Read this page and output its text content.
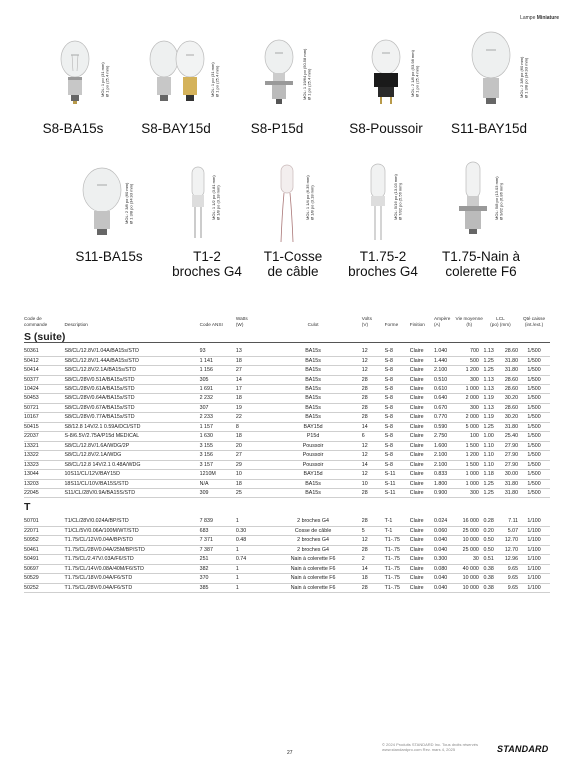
Lampe Miniature
MOL: 1 po (31 mm)
Ø 1 po (25.4 mm)
S8-BA15s
MOL: 1 po (31 mm)
Ø 1 po (25.4 mm)
S8-BAY15d
MOL: 1 19/64 po (50.58 mm)
Ø 1 po (25.4 mm)
S8-P15d
MOL: 2 1/8 po (53.98 mm)
Ø 1 po (25.4 mm)
S8-Poussoir
MOL: 2 3/8 po (60 mm)
Ø 1 3/8 po (34.93 mm)
S11-BAY15d
MOL: 2 3/8 po (60 mm)
Ø 1 3/8 po (34.93 mm)
S11-BA15s
MOL: 1 1/2 po (3.81 mm)
Ø 1/8 po (3.18 mm)
T1-2
broches G4
MOL: 1 1/4 po (6.35 mm)
Ø 1/8 po (3.18 mm)
T1-Cosse
de câble
MOL: 5/16 po (13.03 mm)
Ø 7/32 po (5.56 mm)
T1.75-2
broches G4
MOL: 5/8 po (13.03 mm)
Ø 9/32 po (6.86 mm)
T1.75-Nain à
colerette F6
Code de commande	Description	Code ANSI	Watts
(W)	Culot	Volts
(V)	Forme	Finition	Ampère
(A)	Vie moyenne
(h)	LCL
(po) (mm)		Qté caisse (int./ext.)
S (suite)												
50361	S8/CL/12.8V/1.04A/BA15s/STD	93	13	BA15s	12	S-8	Claire	1.040	700	1.13	28.60	1/500
50412	S8/CL/12.8V/1.44A/BA15s/STD	1 141	18	BA15s	12	S-8	Claire	1.440	500	1.25	31.80	1/500
50414	S8/CL/12.8V/2.1A/BA15s/STD	1 156	27	BA15s	12	S-8	Claire	2.100	1 200	1.25	31.80	1/500
50377	S8/CL/28V/0.51A/BA15s/STD	305	14	BA15s	28	S-8	Claire	0.510	300	1.13	28.60	1/500
10424	S8/CL/28V/0.61A/BA15s/STD	1 691	17	BA15s	28	S-8	Claire	0.610	1 000	1.13	28.60	1/500
50453	S8/CL/28V/0.64A/BA15s/STD	2 232	18	BA15s	28	S-8	Claire	0.640	2 000	1.19	30.20	1/500
50721	S8/CL/28V/0.67A/BA15s/STD	307	19	BA15s	28	S-8	Claire	0.670	300	1.13	28.60	1/500
10167	S8/CL/28V/0.77A/BA15s/STD	2 233	22	BA15s	28	S-8	Claire	0.770	2 000	1.19	30.20	1/500
50415	S8/12.8 14V/2.1 0.59A/DCI/STD	1 157	8	BAY15d	14	S-8	Claire	0.590	5 000	1.25	31.80	1/500
22037	S-8/6.5V/2.75A/P15d MEDICAL	1 630	18	P15d	6	S-8	Claire	2.750	100	1.00	25.40	1/500
13321	S8/CL/12.8V/1.6A/WDG/2P	3 155	20	Poussoir	12	S-8	Claire	1.600	1 500	1.10	27.90	1/500
13322	S8/CL/12.8V/2.1A/WDG	3 156	27	Poussoir	12	S-8	Claire	2.100	1 200	1.10	27.90	1/500
13323	S8/CL/12.8 14V/2.1 0.48A/WDG	3 157	29	Poussoir	14	S-8	Claire	2.100	1 500	1.10	27.90	1/500
13044	10S11/CL/12V/BAY15D	1210M	10	BAY15d	12	S-11	Claire	0.833	1 000	1.18	30.00	1/500
13203	18S11/CL/10V/BA15S/STD	N/A	18	BA15s	10	S-11	Claire	1.800	1 000	1.25	31.80	1/500
22045	S11/CL/28V/0.9A/BA15S/STD	309	25	BA15s	28	S-11	Claire	0.900	300	1.25	31.80	1/500
T												
50701	T1/CL/28V/0.024A/BP/STD	7 839	1	2 broches G4	28	T-1	Claire	0.024	16 000	0.28	7.11	1/100
22071	T1/CL/5V/0.06A/100M/WT/STD	683	0.30	Cosse de câble	5	T-1	Claire	0.060	25 000	0.20	5.07	1/100
50952	T1.75/CL/12V/0.04A/BP/STD	7 371	0.48	2 broches G4	12	T1-.75	Claire	0.040	10 000	0.50	12.70	1/100
50461	T1.75/CL/28V/0.04A/25M/BP/STD	7 387	1	2 broches G4	28	T1-.75	Claire	0.040	25 000	0.50	12.70	1/100
50491	T1.75/CL/2.47V/.03A/F6/STD	251	0.74	Nain à colerette F6	2	T1-.75	Claire	0.300	30	0.51	12.96	1/100
50697	T1.75/CL/14V/0.08A/40M/F6/STD	382	1	Nain à colerette F6	14	T1-.75	Claire	0.080	40 000	0.38	9.65	1/100
50529	T1.75/CL/18V/0.04A/F6/STD	370	1	Nain à colerette F6	18	T1-.75	Claire	0.040	10 000	0.38	9.65	1/100
50252	T1.75/CL/28V/0.04A/F6/STD	385	1	Nain à colerette F6	28	T1-.75	Claire	0.040	10 000	0.38	9.65	1/100
27
© 2024 Produits STANDARD Inc. Tous droits réservés
www.standardpro.com Rev. mars 4, 2025	STANDARD
